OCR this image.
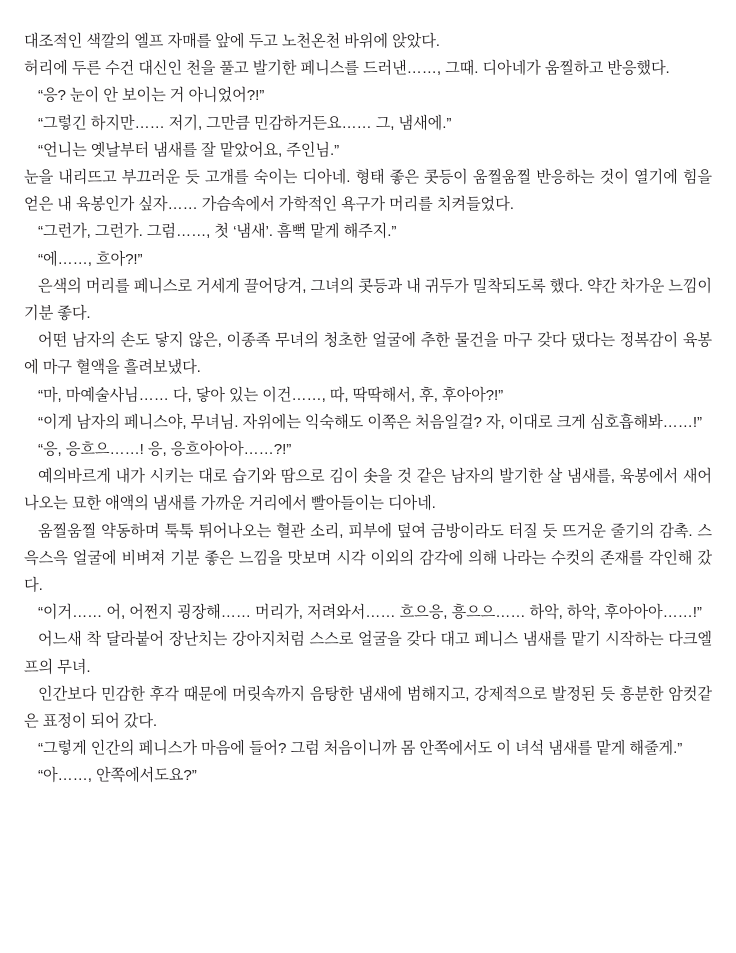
대조적인 색깔의 엘프 자매를 앞에 두고 노천온천 바위에 앉았다.

허리에 두른 수건 대신인 천을 풀고 발기한 페니스를 드러낸……, 그때. 디아네가 움찔하고 반응했다.

“응? 눈이 안 보이는 거 아니었어?!”

“그렇긴 하지만…… 저기, 그만큼 민감하거든요…… 그, 냄새에.”

“언니는 옛날부터 냄새를 잘 맡았어요, 주인님.”

눈을 내리뜨고 부끄러운 듯 고개를 숙이는 디아네. 형태 좋은 콧등이 움찔움찔 반응하는 것이 열기에 힘을 얻은 내 육봉인가 싶자…… 가슴속에서 가학적인 욕구가 머리를 치켜들었다.

“그런가, 그런가. 그럼……, 첫 ‘냄새’. 흠뻑 맡게 해주지.”

“에……, 흐아?!”

은색의 머리를 페니스로 거세게 끌어당겨, 그녀의 콧등과 내 귀두가 밀착되도록 했다. 약간 차가운 느낌이 기분 좋다.

어떤 남자의 손도 닿지 않은, 이종족 무녀의 청초한 얼굴에 추한 물건을 마구 갖다 댔다는 정복감이 육봉에 마구 혈액을 흘려보냈다.

“마, 마예술사님…… 다, 닿아 있는 이건……, 따, 딱딱해서, 후, 후아아?!”

“이게 남자의 페니스야, 무녀님. 자위에는 익숙해도 이쪽은 처음일걸? 자, 이대로 크게 심호흡해봐……!”

“응, 응흐으……! 응, 응흐아아아……?!”

예의바르게 내가 시키는 대로 습기와 땀으로 김이 솟을 것 같은 남자의 발기한 살 냄새를, 육봉에서 새어나오는 묘한 애액의 냄새를 가까운 거리에서 빨아들이는 디아네.

움찔움찔 약동하며 툭툭 튀어나오는 혈관 소리, 피부에 덮여 금방이라도 터질 듯 뜨거운 줄기의 감촉. 스윽스윽 얼굴에 비벼져 기분 좋은 느낌을 맛보며 시각 이외의 감각에 의해 나라는 수컷의 존재를 각인해 갔다.

“이거…… 어, 어쩐지 굉장해…… 머리가, 저려와서…… 흐으응, 흥으으…… 하악, 하악, 후아아아……!”

어느새 착 달라붙어 장난치는 강아지처럼 스스로 얼굴을 갖다 대고 페니스 냄새를 맡기 시작하는 다크엘프의 무녀.

인간보다 민감한 후각 때문에 머릿속까지 음탕한 냄새에 범해지고, 강제적으로 발정된 듯 흥분한 암컷같은 표정이 되어 갔다.

“그렇게 인간의 페니스가 마음에 들어? 그럼 처음이니까 몸 안쪽에서도 이 녀석 냄새를 맡게 해줄게.”

“아……, 안쪽에서도요?”
